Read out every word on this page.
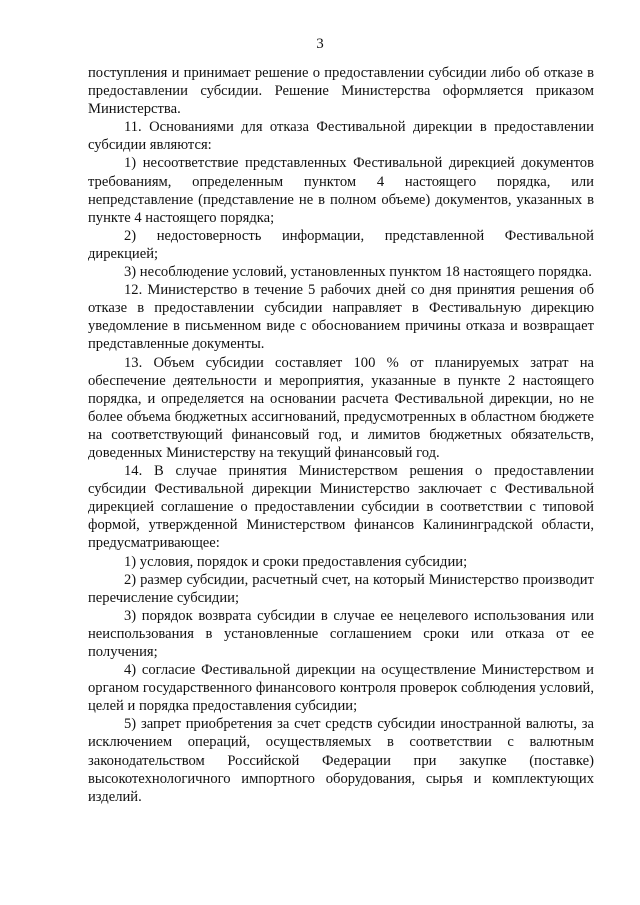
3

поступления и принимает решение о предоставлении субсидии либо об отказе в предоставлении субсидии. Решение Министерства оформляется приказом Министерства.

11. Основаниями для отказа Фестивальной дирекции в предоставлении субсидии являются:

1) несоответствие представленных Фестивальной дирекцией документов требованиям, определенным пунктом 4 настоящего порядка, или непредставление (представление не в полном объеме) документов, указанных в пункте 4 настоящего порядка;

2) недостоверность информации, представленной Фестивальной дирекцией;

3) несоблюдение условий, установленных пунктом 18 настоящего порядка.

12. Министерство в течение 5 рабочих дней со дня принятия решения об отказе в предоставлении субсидии направляет в Фестивальную дирекцию уведомление в письменном виде с обоснованием причины отказа и возвращает представленные документы.

13. Объем субсидии составляет 100 % от планируемых затрат на обеспечение деятельности и мероприятия, указанные в пункте 2 настоящего порядка, и определяется на основании расчета Фестивальной дирекции, но не более объема бюджетных ассигнований, предусмотренных в областном бюджете на соответствующий финансовый год, и лимитов бюджетных обязательств, доведенных Министерству на текущий финансовый год.

14. В случае принятия Министерством решения о предоставлении субсидии Фестивальной дирекции Министерство заключает с Фестивальной дирекцией соглашение о предоставлении субсидии в соответствии с типовой формой, утвержденной Министерством финансов Калининградской области, предусматривающее:

1) условия, порядок и сроки предоставления субсидии;

2) размер субсидии, расчетный счет, на который Министерство производит перечисление субсидии;

3) порядок возврата субсидии в случае ее нецелевого использования или неиспользования в установленные соглашением сроки или отказа от ее получения;

4) согласие Фестивальной дирекции на осуществление Министерством и органом государственного финансового контроля проверок соблюдения условий, целей и порядка предоставления субсидии;

5) запрет приобретения за счет средств субсидии иностранной валюты, за исключением операций, осуществляемых в соответствии с валютным законодательством Российской Федерации при закупке (поставке) высокотехнологичного импортного оборудования, сырья и комплектующих изделий.
